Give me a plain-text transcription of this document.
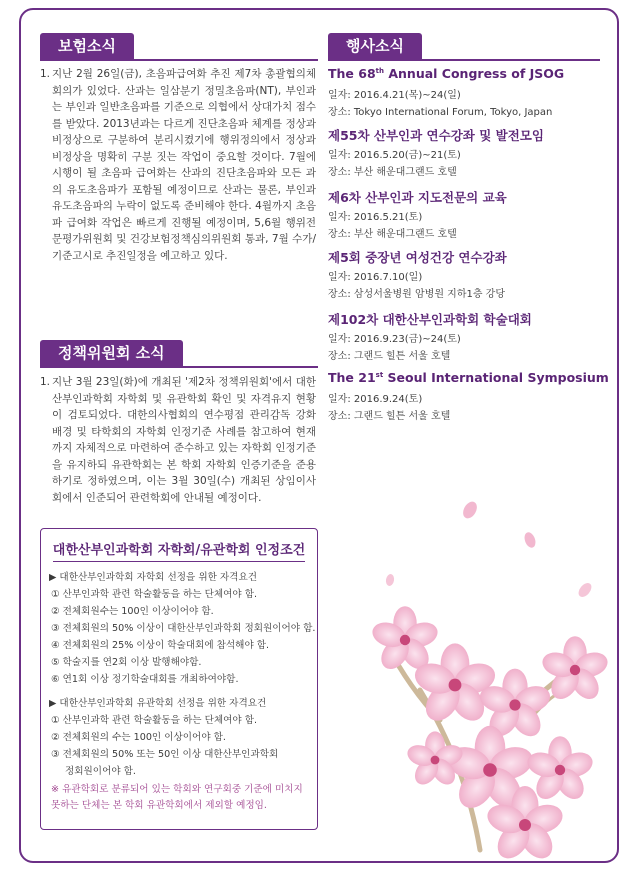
보험소식
1. 지난 2월 26일(금), 초음파급여화 추진 제7차 총괄협의체 회의가 있었다. 산과는 일삼분기 정밀초음파(NT), 부인과는 부인과 일반초음파를 기준으로 의협에서 상대가치 점수를 받았다. 2013년과는 다르게 진단초음파 체계를 정상과 비정상으로 구분하여 분리시켰기에 행위정의에서 정상과 비정상을 명확히 구분 짓는 작업이 중요할 것이다. 7월에 시행이 될 초음파 급여화는 산과의 진단초음파와 모든 과의 유도초음파가 포함될 예정이므로 산과는 물론, 부인과 유도초음파의 누락이 없도록 준비해야 한다. 4월까지 초음파 급여화 작업은 빠르게 진행될 예정이며, 5,6월 행위전문평가위원회 및 건강보험정책심의위원회 통과, 7월 수가/기준고시로 추진일정을 예고하고 있다.
정책위원회 소식
1. 지난 3월 23일(화)에 개최된 '제2차 정책위원회'에서 대한산부인과학회 자학회 및 유관학회 확인 및 자격유지 현황이 검토되었다. 대한의사협회의 연수평점 관리감독 강화 배경 및 타학회의 자학회 인정기준 사례를 참고하여 현재까지 자체적으로 마련하여 준수하고 있는 자학회 인정기준을 유지하되 유관학회는 본 학회 자학회 인증기준을 준용하기로 정하였으며, 이는 3월 30일(수) 개최된 상임이사회에서 인준되어 관련학회에 안내될 예정이다.
대한산부인과학회 자학회/유관학회 인정조건
▶ 대한산부인과학회 자학회 선정을 위한 자격요건
① 산부인과학 관련 학술활동을 하는 단체여야 함.
② 전체회원수는 100인 이상이어야 함.
③ 전체회원의 50% 이상이 대한산부인과학회 정회원이어야 함.
④ 전체회원의 25% 이상이 학술대회에 참석해야 함.
⑤ 학술지를 연2회 이상 발행해야함.
⑥ 연1회 이상 정기학술대회를 개최하여야함.
▶ 대한산부인과학회 유관학회 선정을 위한 자격요건
① 산부인과학 관련 학술활동을 하는 단체여야 함.
② 전체회원의 수는 100인 이상이어야 함.
③ 전체회원의 50% 또는 50인 이상 대한산부인과학회
정회원이어야 함.
※ 유관학회로 분류되어 있는 학회와 연구회중 기준에 미치지 못하는 단체는 본 학회 유관학회에서 제외할 예정임.
행사소식
The 68th Annual Congress of JSOG
일자: 2016.4.21(목)~24(일)
장소: Tokyo International Forum, Tokyo, Japan
제55차 산부인과 연수강좌 및 발전모임
일자: 2016.5.20(금)~21(토)
장소: 부산 해운대그랜드 호텔
제6차 산부인과 지도전문의 교육
일자: 2016.5.21(토)
장소: 부산 해운대그랜드 호텔
제5회 중장년 여성건강 연수강좌
일자: 2016.7.10(일)
장소: 삼성서울병원 암병원 지하1층 강당
제102차 대한산부인과학회 학술대회
일자: 2016.9.23(금)~24(토)
장소: 그랜드 힐튼 서울 호텔
The 21st Seoul International Symposium
일자: 2016.9.24(토)
장소: 그랜드 힐튼 서울 호텔
